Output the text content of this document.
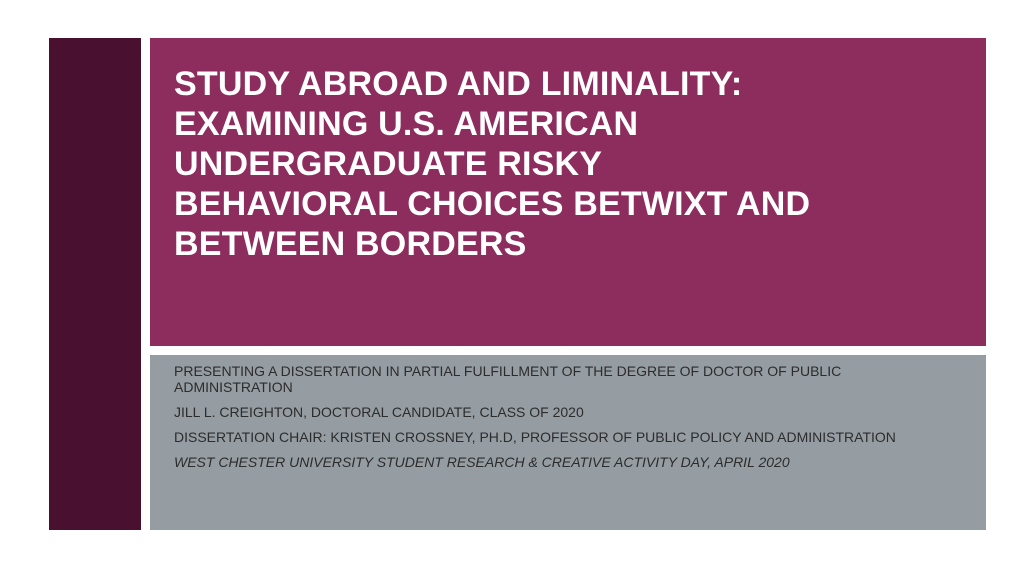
STUDY ABROAD AND LIMINALITY: EXAMINING U.S. AMERICAN UNDERGRADUATE RISKY BEHAVIORAL CHOICES BETWIXT AND BETWEEN BORDERS

PRESENTING A DISSERTATION IN PARTIAL FULFILLMENT OF THE DEGREE OF DOCTOR OF PUBLIC ADMINISTRATION

JILL L. CREIGHTON, DOCTORAL CANDIDATE, CLASS OF 2020

DISSERTATION CHAIR: KRISTEN CROSSNEY, PH.D, PROFESSOR OF PUBLIC POLICY AND ADMINISTRATION

WEST CHESTER UNIVERSITY STUDENT RESEARCH & CREATIVE ACTIVITY DAY, APRIL 2020
